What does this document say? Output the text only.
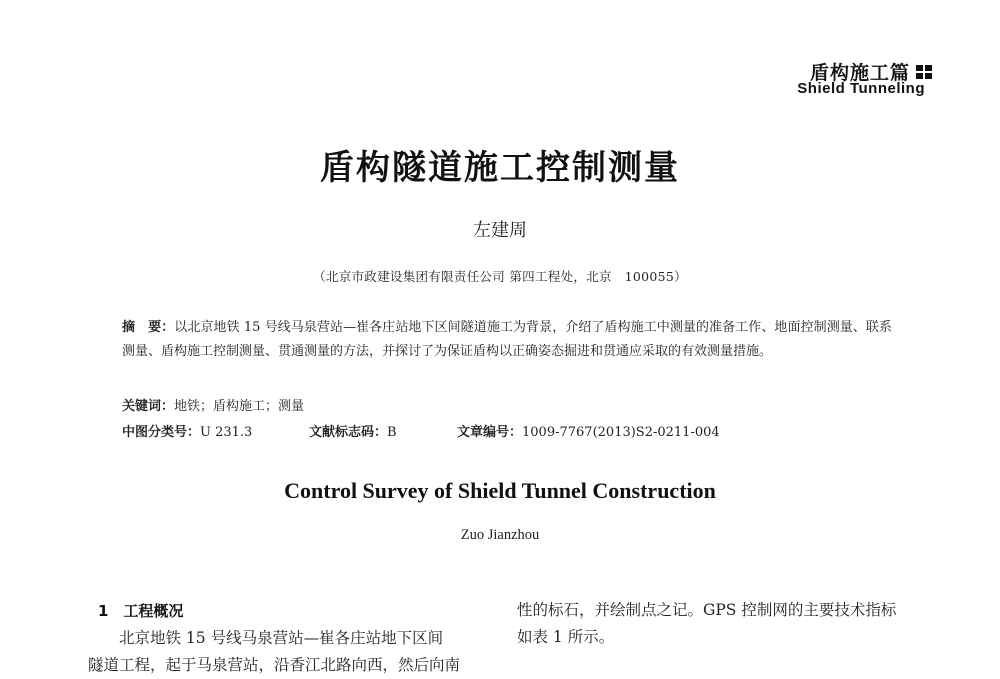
盾构施工篇
Shield Tunneling
盾构隧道施工控制测量
左建周
（北京市政建设集团有限责任公司 第四工程处，北京　100055）
摘　要：以北京地铁 15 号线马泉营站—崔各庄站地下区间隧道施工为背景，介绍了盾构施工中测量的准备工作、地面控制测量、联系测量、盾构施工控制测量、贯通测量的方法，并探讨了为保证盾构以正确姿态掘进和贯通应采取的有效测量措施。
关键词：地铁；盾构施工；测量
中图分类号：U 231.3	文献标志码：B	文章编号：1009-7767(2013)S2-0211-004
Control Survey of Shield Tunnel Construction
Zuo Jianzhou
1　工程概况
北京地铁 15 号线马泉营站—崔各庄站地下区间
隧道工程，起于马泉营站，沿香江北路向西，然后向南
性的标石，并绘制点之记。GPS 控制网的主要技术指标
如表 1 所示。
